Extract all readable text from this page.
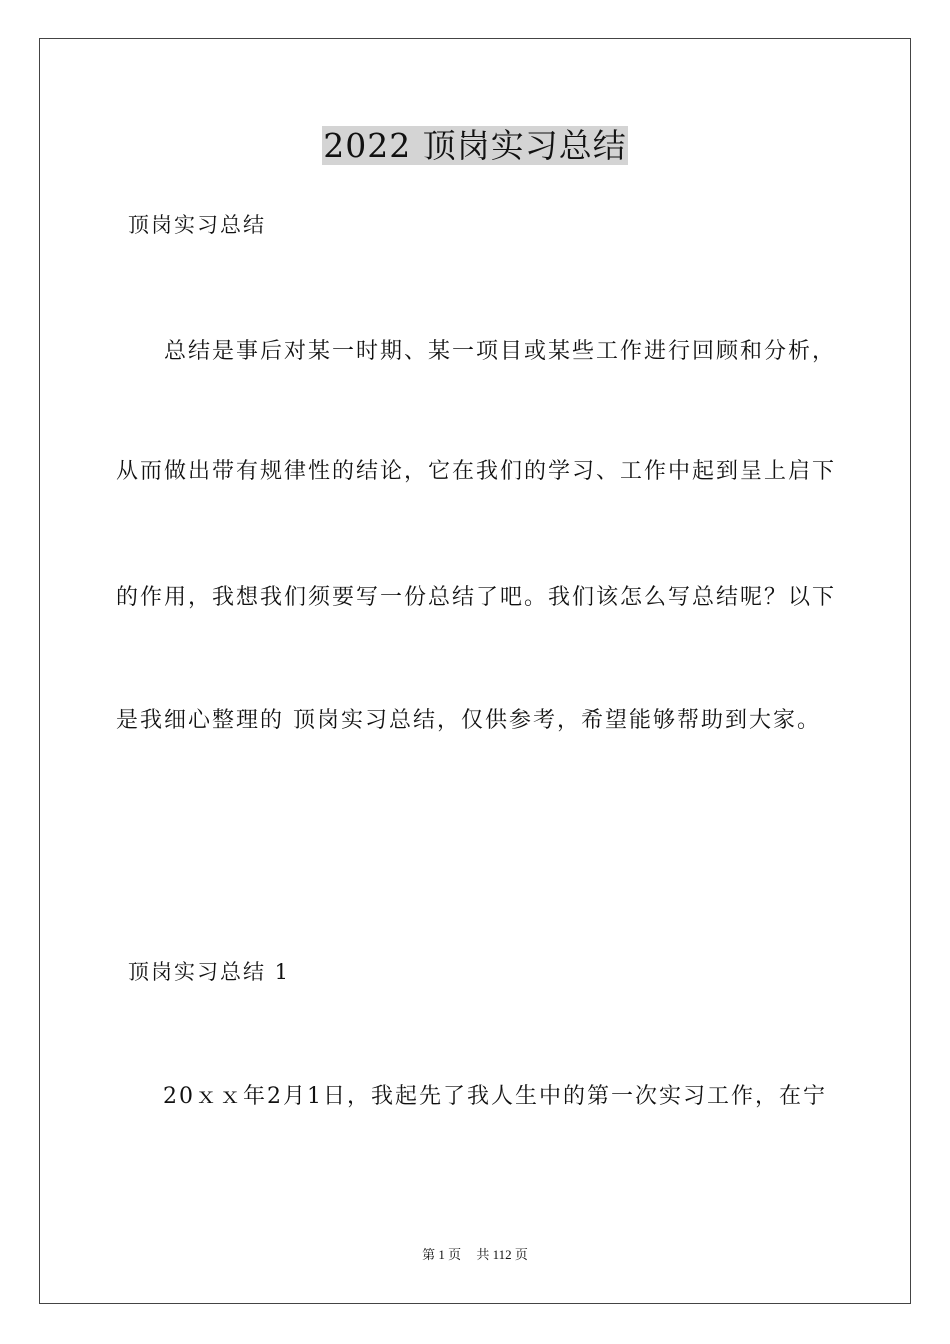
2022 顶岗实习总结
顶岗实习总结
总结是事后对某一时期、某一项目或某些工作进行回顾和分析，
从而做出带有规律性的结论，它在我们的学习、工作中起到呈上启下
的作用，我想我们须要写一份总结了吧。我们该怎么写总结呢？以下
是我细心整理的 顶岗实习总结，仅供参考，希望能够帮助到大家。
顶岗实习总结 1
20ｘｘ年2月1日，我起先了我人生中的第一次实习工作，在宁
第 1 页 共 112 页
